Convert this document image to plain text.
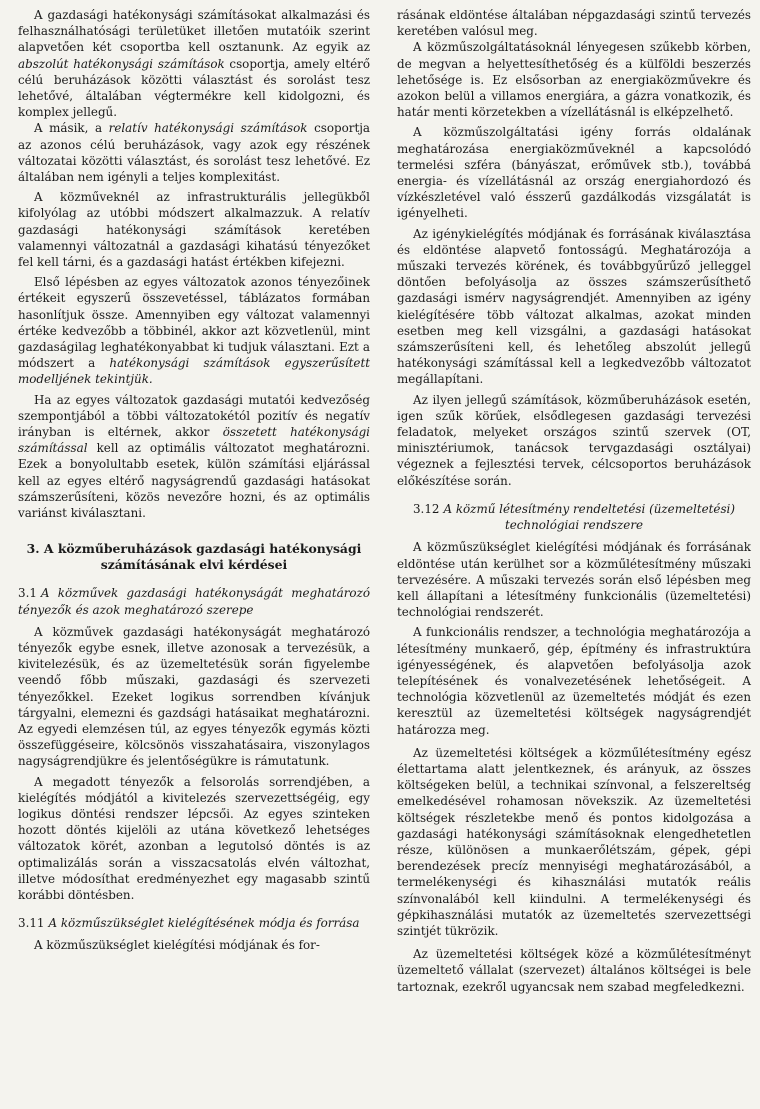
A gazdasági hatékonysági számításokat alkalmazási és felhasználhatósági területüket illetően mutatóik szerint alapvetően két csoportba kell osztanunk. Az egyik az abszolút hatékonysági számítások csoportja, amely eltérő célú beruházások közötti választást és sorolást tesz lehetővé, általában végtermékre kell kidolgozni, és komplex jellegű.

A másik, a relatív hatékonysági számítások csoportja az azonos célú beruházások, vagy azok egy részének változatai közötti választást, és sorolást tesz lehetővé. Ez általában nem igényli a teljes komplexitást.

A közműveknél az infrastrukturális jellegükből kifolyólag az utóbbi módszert alkalmazzuk. A relatív gazdasági hatékonysági számítások keretében valamennyi változatnál a gazdasági kihatású tényezőket fel kell tárni, és a gazdasági hatást értékben kifejezni.

Első lépésben az egyes változatok azonos tényezőinek értékeit egyszerű összevetéssel, táblázatos formában hasonlítjuk össze. Amennyiben egy változat valamennyi értéke kedvezőbb a többinél, akkor azt közvetlenül, mint gazdaságilag leghatékonyabbat ki tudjuk választani. Ezt a módszert a hatékonysági számítások egyszerűsített modelljének tekintjük.

Ha az egyes változatok gazdasági mutatói kedvezőség szempontjából a többi változatokétól pozitív és negatív irányban is eltérnek, akkor összetett hatékonysági számítással kell az optimális változatot meghatározni. Ezek a bonyolultabb esetek, külön számítási eljárással kell az egyes eltérő nagyságrendű gazdasági hatásokat számszerűsíteni, közös nevezőre hozni, és az optimális variánst kiválasztani.

3. A közműberuházások gazdasági hatékonysági számításának elvi kérdései

3.1 A közművek gazdasági hatékonyságát meghatározó tényezők és azok meghatározó szerepe

A közművek gazdasági hatékonyságát meghatározó tényezők egybe esnek, illetve azonosak a tervezésük, a kivitelezésük, és az üzemeltetésük során figyelembe veendő főbb műszaki, gazdasági és szervezeti tényezőkkel. Ezeket logikus sorrendben kívánjuk tárgyalni, elemezni és gazdsági hatásaikat meghatározni. Az egyedi elemzésen túl, az egyes tényezők egymás közti összefüggéseire, kölcsönös visszahatásaira, viszonylagos nagyságrendjükre és jelentőségükre is rámutatunk.

A megadott tényezők a felsorolás sorrendjében, a kielégítés módjától a kivitelezés szervezettségéig, egy logikus döntési rendszer lépcsői. Az egyes szinteken hozott döntés kijelöli az utána következő lehetséges változatok körét, azonban a legutolsó döntés is az optimalizálás során a visszacsatolás elvén változhat, illetve módosíthat eredményezhet egy magasabb szintű korábbi döntésben.

3.11 A közműszükséglet kielégítésének módja és forrása

A közműszükséglet kielégítési módjának és for-

rásának eldöntése általában népgazdasági szintű tervezés keretében valósul meg.

A közműszolgáltatásoknál lényegesen szűkebb körben, de megvan a helyettesíthetőség és a külföldi beszerzés lehetősége is. Ez elsősorban az energiaközművekre és azokon belül a villamos energiára, a gázra vonatkozik, és határ menti körzetekben a vízellátásnál is elképzelhető.

A közműszolgáltatási igény forrás oldalának meghatározása energiaközműveknél a kapcsolódó termelési szféra (bányászat, erőművek stb.), továbbá energia- és vízellátásnál az ország energiahordozó és vízkészletével való ésszerű gazdálkodás vizsgálatát is igényelheti.

Az igénykielégítés módjának és forrásának kiválasztása és eldöntése alapvető fontosságú. Meghatározója a műszaki tervezés körének, és továbbgyűrűző jelleggel döntően befolyásolja az összes számszerűsíthető gazdasági ismérv nagyságrendjét. Amennyiben az igény kielégítésére több változat alkalmas, azokat minden esetben meg kell vizsgálni, a gazdasági hatásokat számszerűsíteni kell, és lehetőleg abszolút jellegű hatékonysági számítással kell a legkedvezőbb változatot megállapítani.

Az ilyen jellegű számítások, közműberuházások esetén, igen szűk körűek, elsődlegesen gazdasági tervezési feladatok, melyeket országos szintű szervek (OT, minisztériumok, tanácsok tervgazdasági osztályai) végeznek a fejlesztési tervek, célcsoportos beruházások előkészítése során.

3.12 A közmű létesítmény rendeltetési (üzemeltetési) technológiai rendszere

A közműszükséglet kielégítési módjának és forrásának eldöntése után kerülhet sor a közműlétesítmény műszaki tervezésére. A műszaki tervezés során első lépésben meg kell állapítani a létesítmény funkcionális (üzemeltetési) technológiai rendszerét.

A funkcionális rendszer, a technológia meghatározója a létesítmény munkaerő, gép, építmény és infrastruktúra igényességének, és alapvetően befolyásolja azok telepítésének és vonalvezetésének lehetőségeit. A technológia közvetlenül az üzemeltetés módját és ezen keresztül az üzemeltetési költségek nagyságrendjét határozza meg.

Az üzemeltetési költségek a közműlétesítmény egész élettartama alatt jelentkeznek, és arányuk, az összes költségeken belül, a technikai színvonal, a felszereltség emelkedésével rohamosan növekszik. Az üzemeltetési költségek részletekbe menő és pontos kidolgozása a gazdasági hatékonysági számításoknak elengedhetetlen része, különösen a munkaerőlétszám, gépek, gépi berendezések precíz mennyiségi meghatározásából, a termelékenységi és kihasználási mutatók reális színvonalából kell kiindulni. A termelékenységi és gépkihasználási mutatók az üzemeltetés szervezettségi szintjét tükrözik.

Az üzemeltetési költségek közé a közműlétesítményt üzemeltető vállalat (szervezet) általános költségei is bele tartoznak, ezekről ugyancsak nem szabad megfeledkezni.
